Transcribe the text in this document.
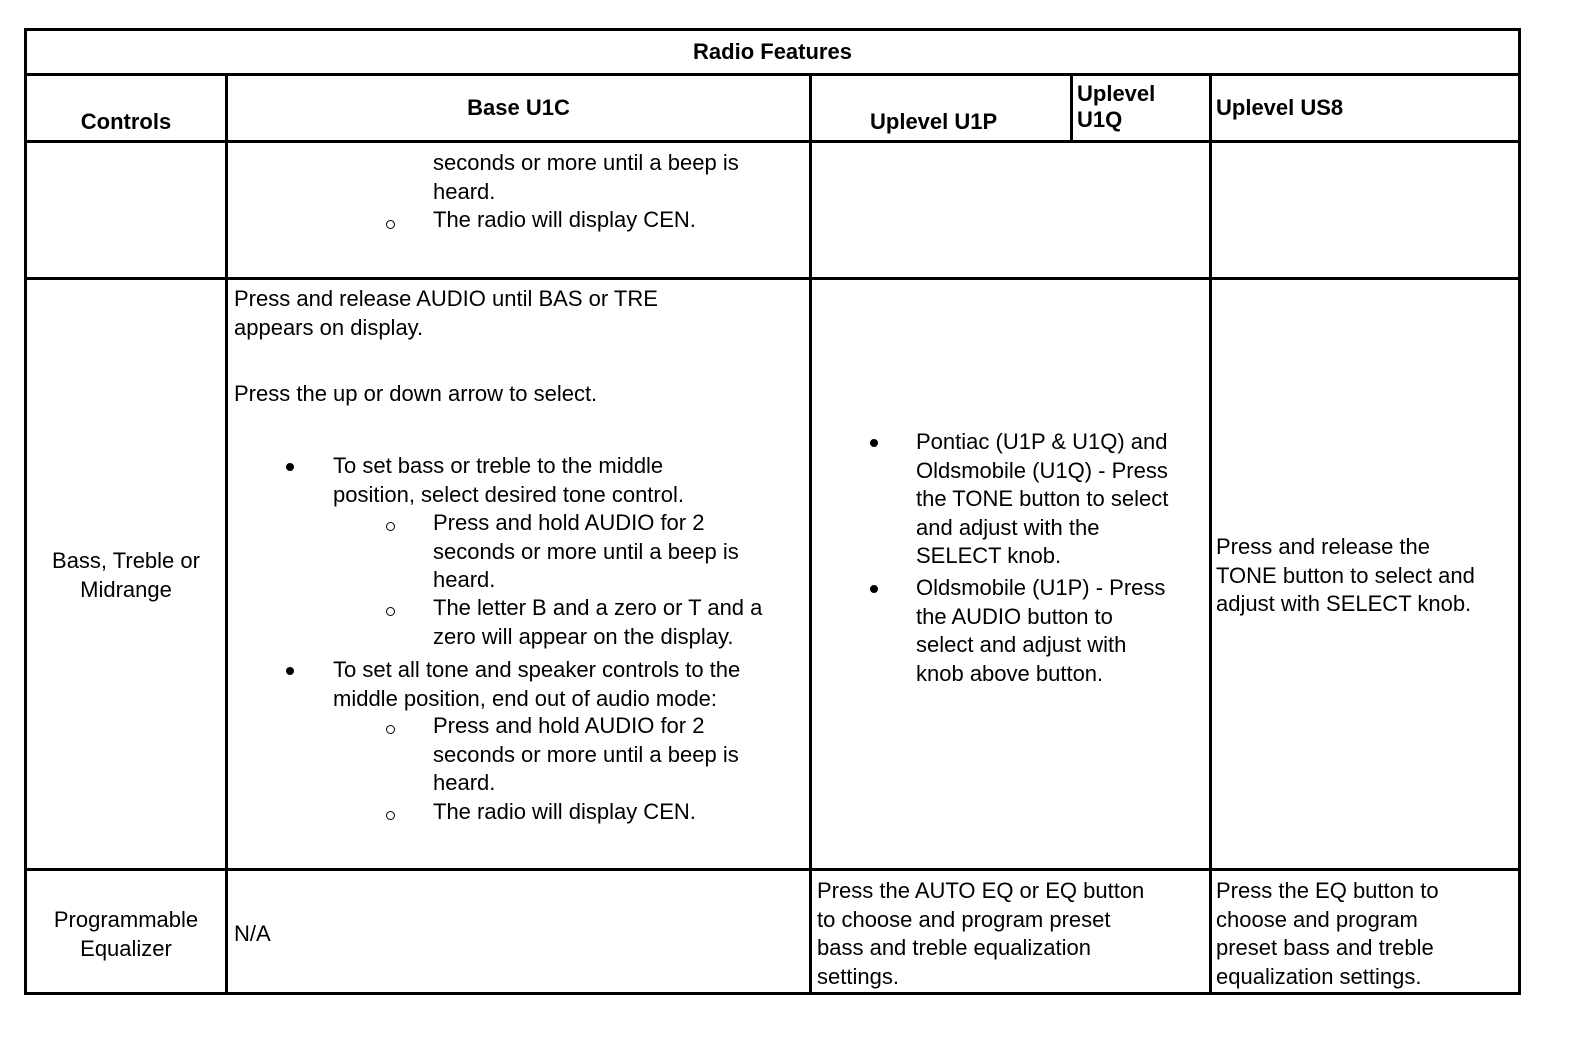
Radio Features
Controls
Base U1C
Uplevel U1P
Uplevel
U1Q	Uplevel US8
seconds or more until a beep is
heard.
The radio will display CEN.
Bass, Treble or
Midrange
Press and release AUDIO until BAS or TRE
appears on display.
Press the up or down arrow to select.
To set bass or treble to the middle
position, select desired tone control.
Press and hold AUDIO for 2
seconds or more until a beep is
heard.
The letter B and a zero or T and a
zero will appear on the display.
To set all tone and speaker controls to the
middle position, end out of audio mode:
Press and hold AUDIO for 2
seconds or more until a beep is
heard.
The radio will display CEN.
Pontiac (U1P & U1Q) and
Oldsmobile (U1Q) - Press
the TONE button to select
and adjust with the
SELECT knob.
Oldsmobile (U1P) - Press
the AUDIO button to
select and adjust with
knob above button.
Press and release the
TONE button to select and
adjust with SELECT knob.
Programmable
Equalizer
N/A
Press the AUTO EQ or EQ button
to choose and program preset
bass and treble equalization
settings.
Press the EQ button to
choose and program
preset bass and treble
equalization settings.
